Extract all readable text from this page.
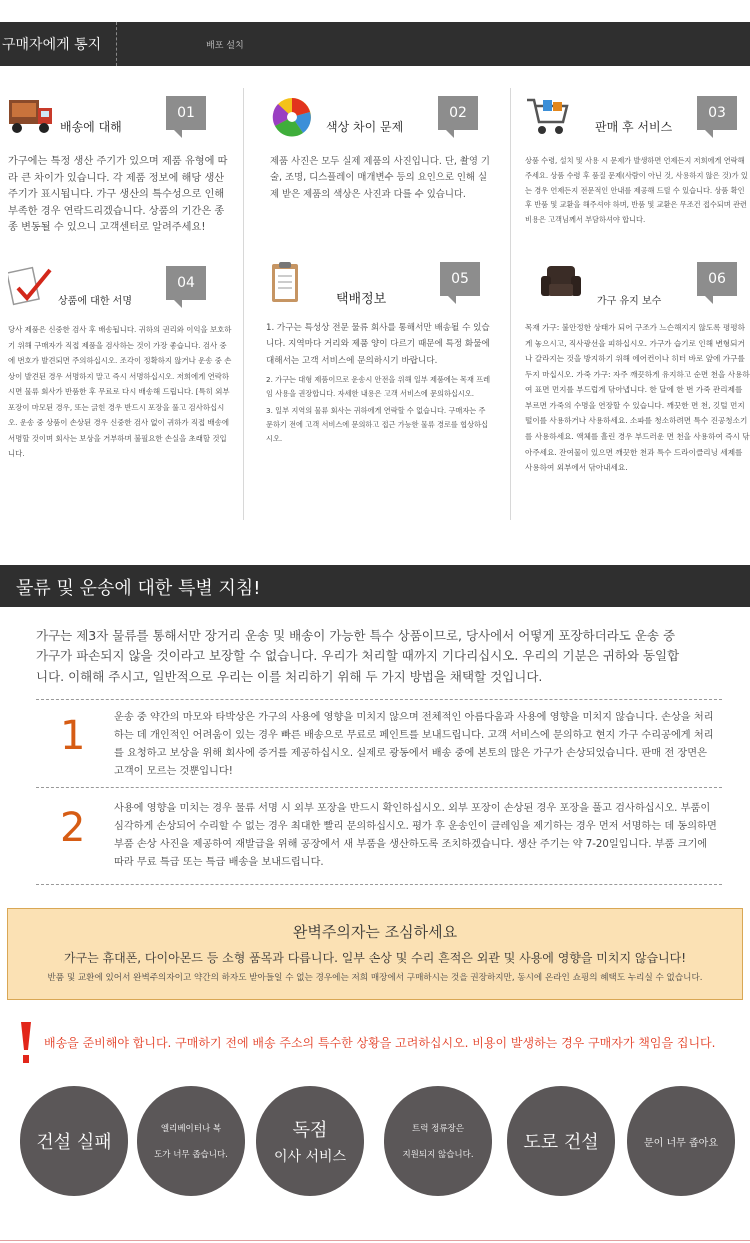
구매자에게 통지	배포 설치
배송에 대해
01
가구에는 특정 생산 주기가 있으며 제품 유형에 따라 큰 차이가 있습니다. 각 제품 정보에 해당 생산 주기가 표시됩니다. 가구 생산의 특수성으로 인해 부족한 경우 연락드리겠습니다. 상품의 기간은 종종 변동될 수 있으니 고객센터로 알려주세요!
색상 차이 문제
02
제품 사진은 모두 실제 제품의 사진입니다. 단, 촬영 기술, 조명, 디스플레이 매개변수 등의 요인으로 인해 실제 받은 제품의 색상은 사진과 다를 수 있습니다.
판매 후 서비스
03
상품 수령, 설치 및 사용 시 문제가 발생하면 언제든지 저희에게 연락해 주세요. 상품 수령 후 품질 문제(사람이 아닌 것, 사용하지 않은 것)가 있는 경우 언제든지 전문적인 안내를 제공해 드릴 수 있습니다. 상품 확인 후 반품 및 교환을 해주셔야 하며, 반품 및 교환은 무조건 접수되며 관련 비용은 고객님께서 부담하셔야 합니다.
상품에 대한 서명
04
당사 제품은 신중한 검사 후 배송됩니다. 귀하의 권리와 이익을 보호하기 위해 구매자가 직접 제품을 검사하는 것이 가장 좋습니다. 검사 중에 번호가 발견되면 주의하십시오. 조각이 정확하지 않거나 운송 중 손상이 발견된 경우 서명하지 말고 즉시 서명하십시오. 저희에게 연락하시면 물류 회사가 반품한 후 무료로 다시 배송해 드립니다. [특히 외부 포장이 마모된 경우, 또는 긁힌 경우 반드시 포장을 풀고 검사하십시오. 운송 중 상품이 손상된 경우 신중한 검사 없이 귀하가 직접 배송에 서명할 것이며 회사는 보상을 거부하며 불필요한 손실을 초래할 것입니다.
택배정보
05
1. 가구는 특성상 전문 물류 회사를 통해서만 배송될 수 있습니다. 지역마다 거리와 제품 양이 다르기 때문에 특정 화물에 대해서는 고객 서비스에 문의하시기 바랍니다.
2. 가구는 대형 제품이므로 운송시 안전을 위해 일부 제품에는 목재 프레임 사용을 권장합니다. 자세한 내용은 고객 서비스에 문의하십시오.
3. 일부 지역의 물류 회사는 귀하에게 연락할 수 없습니다. 구매자는 주문하기 전에 고객 서비스에 문의하고 접근 가능한 물류 경로를 협상하십시오.
가구 유지 보수
06
목재 가구: 불안정한 상태가 되어 구조가 느슨해지지 않도록 평평하게 놓으시고, 직사광선을 피하십시오. 가구가 습기로 인해 변형되거나 갈라지는 것을 방지하기 위해 에어컨이나 히터 바로 앞에 가구를 두지 마십시오. 가죽 가구: 자주 깨끗하게 유지하고 순면 천을 사용하여 표면 먼지를 부드럽게 닦아냅니다. 한 달에 한 번 가죽 관리제를 부르면 가죽의 수명을 연장할 수 있습니다. 깨끗한 면 천, 깃털 먼지떨이를 사용하거나 사용하세요. 소파를 청소하려면 특수 진공청소기를 사용하세요. 액체를 흘린 경우 부드러운 면 천을 사용하여 즉시 닦아주세요. 잔여물이 있으면 깨끗한 천과 특수 드라이클리닝 세제를 사용하여 외부에서 닦아내세요.
물류 및 운송에 대한 특별 지침!
가구는 제3자 물류를 통해서만 장거리 운송 및 배송이 가능한 특수 상품이므로, 당사에서 어떻게 포장하더라도 운송 중 가구가 파손되지 않을 것이라고 보장할 수 없습니다. 우리가 처리할 때까지 기다리십시오. 우리의 기분은 귀하와 동일합니다. 이해해 주시고, 일반적으로 우리는 이를 처리하기 위해 두 가지 방법을 채택할 것입니다.
1	운송 중 약간의 마모와 타박상은 가구의 사용에 영향을 미치지 않으며 전체적인 아름다움과 사용에 영향을 미치지 않습니다. 손상을 처리하는 데 개인적인 어려움이 있는 경우 빠른 배송으로 무료로 페인트를 보내드립니다. 고객 서비스에 문의하고 현지 가구 수리공에게 처리를 요청하고 보상을 위해 회사에 증거를 제공하십시오. 실제로 광동에서 배송 중에 본토의 많은 가구가 손상되었습니다. 판매 전 장면은 고객이 모르는 것뿐입니다!
2	사용에 영향을 미치는 경우 물류 서명 시 외부 포장을 반드시 확인하십시오. 외부 포장이 손상된 경우 포장을 풀고 검사하십시오. 부품이 심각하게 손상되어 수리할 수 없는 경우 최대한 빨리 문의하십시오. 평가 후 운송인이 클레임을 제기하는 경우 먼저 서명하는 데 동의하면 부품 손상 사진을 제공하여 재발급을 위해 공장에서 새 부품을 생산하도록 조치하겠습니다. 생산 주기는 약 7-20일입니다. 부품 크기에 따라 무료 특급 또는 특급 배송을 보내드립니다.
완벽주의자는 조심하세요
가구는 휴대폰, 다이아몬드 등 소형 품목과 다릅니다. 일부 손상 및 수리 흔적은 외관 및 사용에 영향을 미치지 않습니다!
반품 및 교환에 있어서 완벽주의자이고 약간의 하자도 받아들일 수 없는 경우에는 저희 매장에서 구매하시는 것을 권장하지만, 동시에 온라인 쇼핑의 혜택도 누리실 수 없습니다.
배송을 준비해야 합니다. 구매하기 전에 배송 주소의 특수한 상황을 고려하십시오. 비용이 발생하는 경우 구매자가 책임을 집니다.
건설 실패
엘리베이터나 복
도가 너무 좁습니다.
독점
이사 서비스
트럭 정류장은
지원되지 않습니다.
도로 건설	문이 너무 좁아요
